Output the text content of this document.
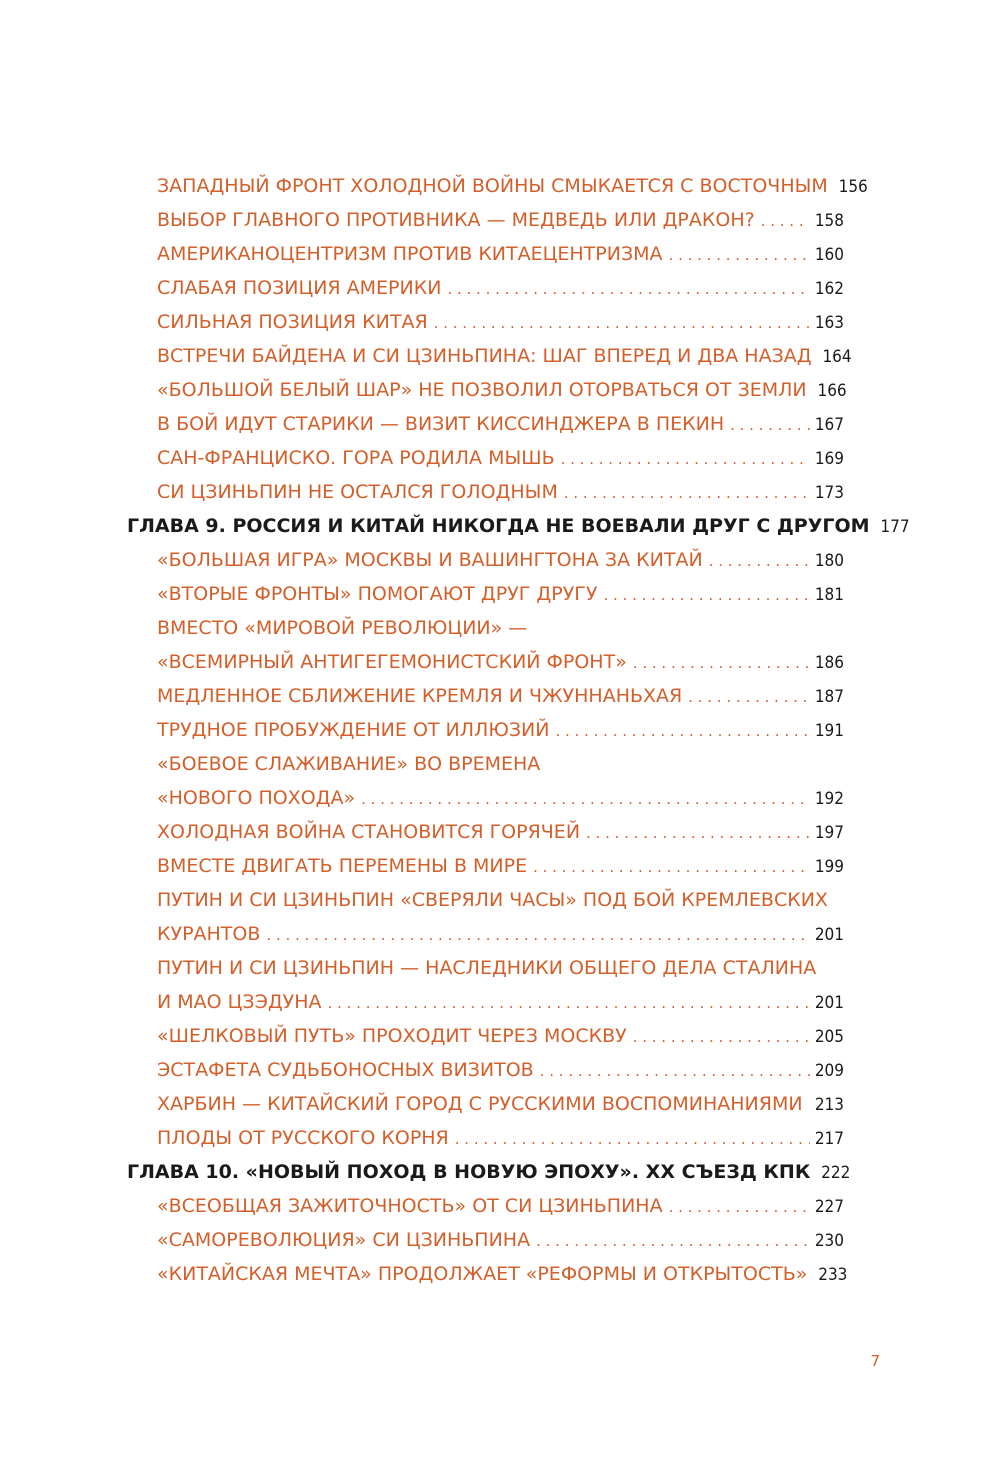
ЗАПАДНЫЙ ФРОНТ ХОЛОДНОЙ ВОЙНЫ СМЫКАЕТСЯ С ВОСТОЧНЫМ 156
ВЫБОР ГЛАВНОГО ПРОТИВНИКА — МЕДВЕДЬ ИЛИ ДРАКОН? . . .	158
АМЕРИКАНОЦЕНТРИЗМ ПРОТИВ КИТАЕЦЕНТРИЗМА . . .	160
СЛАБАЯ ПОЗИЦИЯ АМЕРИКИ . . .	162
СИЛЬНАЯ ПОЗИЦИЯ КИТАЯ . . .	163
ВСТРЕЧИ БАЙДЕНА И СИ ЦЗИНЬПИНА: ШАГ ВПЕРЕД И ДВА НАЗАД 164
«БОЛЬШОЙ БЕЛЫЙ ШАР» НЕ ПОЗВОЛИЛ ОТОРВАТЬСЯ ОТ ЗЕМЛИ 166
В БОЙ ИДУТ СТАРИКИ — ВИЗИТ КИССИНДЖЕРА В ПЕКИН . . .	167
САН-ФРАНЦИСКО. ГОРА РОДИЛА МЫШЬ . . .	169
СИ ЦЗИНЬПИН НЕ ОСТАЛСЯ ГОЛОДНЫМ . . .	173
ГЛАВА 9. РОССИЯ И КИТАЙ НИКОГДА НЕ ВОЕВАЛИ ДРУГ С ДРУГОМ 177
«БОЛЬШАЯ ИГРА» МОСКВЫ И ВАШИНГТОНА ЗА КИТАЙ . . .	180
«ВТОРЫЕ ФРОНТЫ» ПОМОГАЮТ ДРУГ ДРУГУ . . .	181
ВМЕСТО «МИРОВОЙ РЕВОЛЮЦИИ» —
«ВСЕМИРНЫЙ АНТИГЕГЕМОНИСТСКИЙ ФРОНТ» . . .	186
МЕДЛЕННОЕ СБЛИЖЕНИЕ КРЕМЛЯ И ЧЖУННАНЬХАЯ . . .	187
ТРУДНОЕ ПРОБУЖДЕНИЕ ОТ ИЛЛЮЗИЙ . . .	191
«БОЕВОЕ СЛАЖИВАНИЕ» ВО ВРЕМЕНА
«НОВОГО ПОХОДА» . . .	192
ХОЛОДНАЯ ВОЙНА СТАНОВИТСЯ ГОРЯЧЕЙ . . .	197
ВМЕСТЕ ДВИГАТЬ ПЕРЕМЕНЫ В МИРЕ . . .	199
ПУТИН И СИ ЦЗИНЬПИН «СВЕРЯЛИ ЧАСЫ» ПОД БОЙ КРЕМЛЕВСКИХ
КУРАНТОВ . . .	201
ПУТИН И СИ ЦЗИНЬПИН — НАСЛЕДНИКИ ОБЩЕГО ДЕЛА СТАЛИНА
И МАО ЦЗЭДУНА . . .	201
«ШЕЛКОВЫЙ ПУТЬ» ПРОХОДИТ ЧЕРЕЗ МОСКВУ . . .	205
ЭСТАФЕТА СУДЬБОНОСНЫХ ВИЗИТОВ . . .	209
ХАРБИН — КИТАЙСКИЙ ГОРОД С РУССКИМИ ВОСПОМИНАНИЯМИ . . . 213
ПЛОДЫ ОТ РУССКОГО КОРНЯ . . .	217
ГЛАВА 10. «НОВЫЙ ПОХОД В НОВУЮ ЭПОХУ». XX СЪЕЗД КПК 222
«ВСЕОБЩАЯ ЗАЖИТОЧНОСТЬ» ОТ СИ ЦЗИНЬПИНА . . .	227
«САМОРЕВОЛЮЦИЯ» СИ ЦЗИНЬПИНА . . .	230
«КИТАЙСКАЯ МЕЧТА» ПРОДОЛЖАЕТ «РЕФОРМЫ И ОТКРЫТОСТЬ» 233
7
